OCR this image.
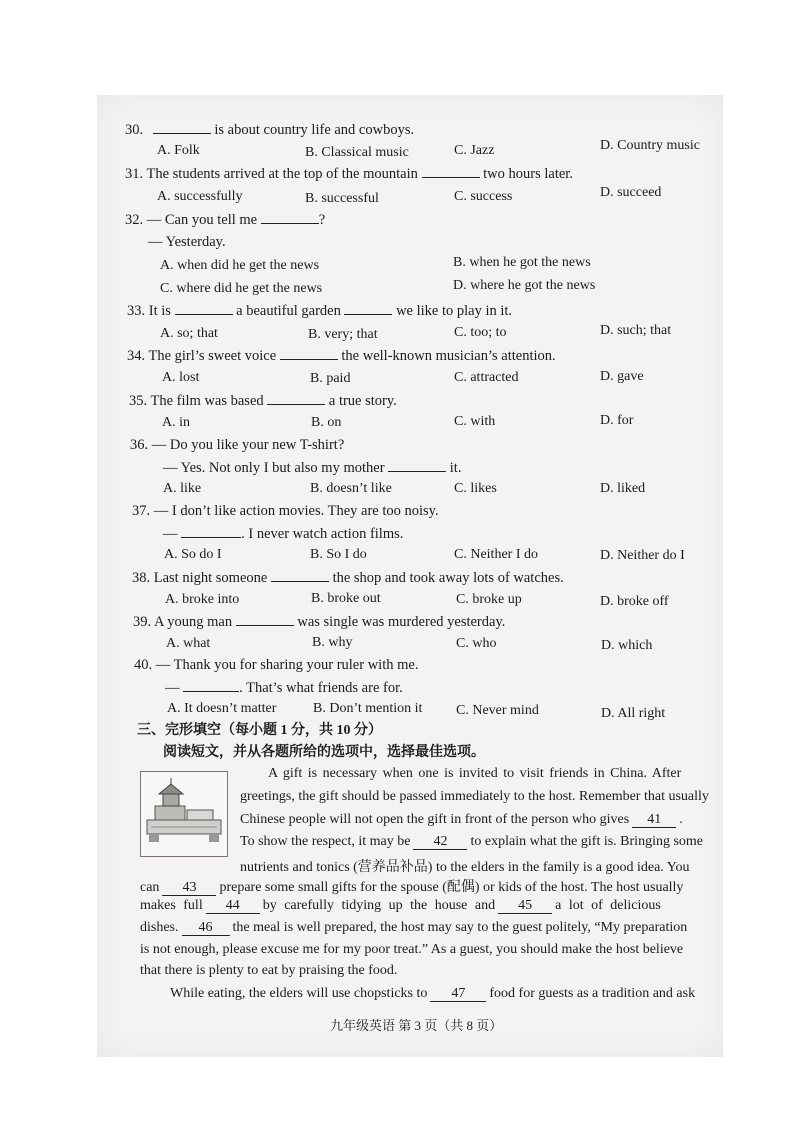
30.	is about country life and cowboys.
A. Folk	B. Classical music	C. Jazz	D. Country music
31. The students arrived at the top of the mountain	two hours later.
A. successfully	B. successful	C. success	D. succeed
32. — Can you tell me	?
— Yesterday.
A. when did he get the news	B. when he got the news
C. where did he get the news	D. where he got the news
33. It is	a beautiful garden	we like to play in it.
A. so; that	B. very; that	C. too; to	D. such; that
34. The girl’s sweet voice	the well-known musician’s attention.
A. lost	B. paid	C. attracted	D. gave
35. The film was based	a true story.
A. in	B. on	C. with	D. for
36. — Do you like your new T-shirt?
— Yes. Not only I but also my mother	it.
A. like	B. doesn’t like	C. likes	D. liked
37. — I don’t like action movies. They are too noisy.
—	. I never watch action films.
A. So do I	B. So I do	C. Neither I do	D. Neither do I
38. Last night someone	the shop and took away lots of watches.
A. broke into	B. broke out	C. broke up	D. broke off
39. A young man	was single was murdered yesterday.
A. what	B. why	C. who	D. which
40. — Thank you for sharing your ruler with me.
—	. That’s what friends are for.
A. It doesn’t matter	B. Don’t mention it C. Never mind	D. All right
三、完形填空（每小题 1 分，共 10 分）
阅读短文，并从各题所给的选项中，选择最佳选项。
A gift is necessary when one is invited to visit friends in China. After
greetings, the gift should be passed immediately to the host. Remember that usually
Chinese people will not open the gift in front of the person who gives 41 .
To show the respect, it may be 42 to explain what the gift is. Bringing some
nutrients and tonics (营养品补品) to the elders in the family is a good idea. You
can 43 prepare some small gifts for the spouse (配偶) or kids of the host. The host usually
makes full 44 by carefully tidying up the house and 45 a lot of delicious
dishes. 46 the meal is well prepared, the host may say to the guest politely, “My preparation
is not enough, please excuse me for my poor treat.” As a guest, you should make the host believe
that there is plenty to eat by praising the food.
While eating, the elders will use chopsticks to 47 food for guests as a tradition and ask
九年级英语 第 3 页（共 8 页）
